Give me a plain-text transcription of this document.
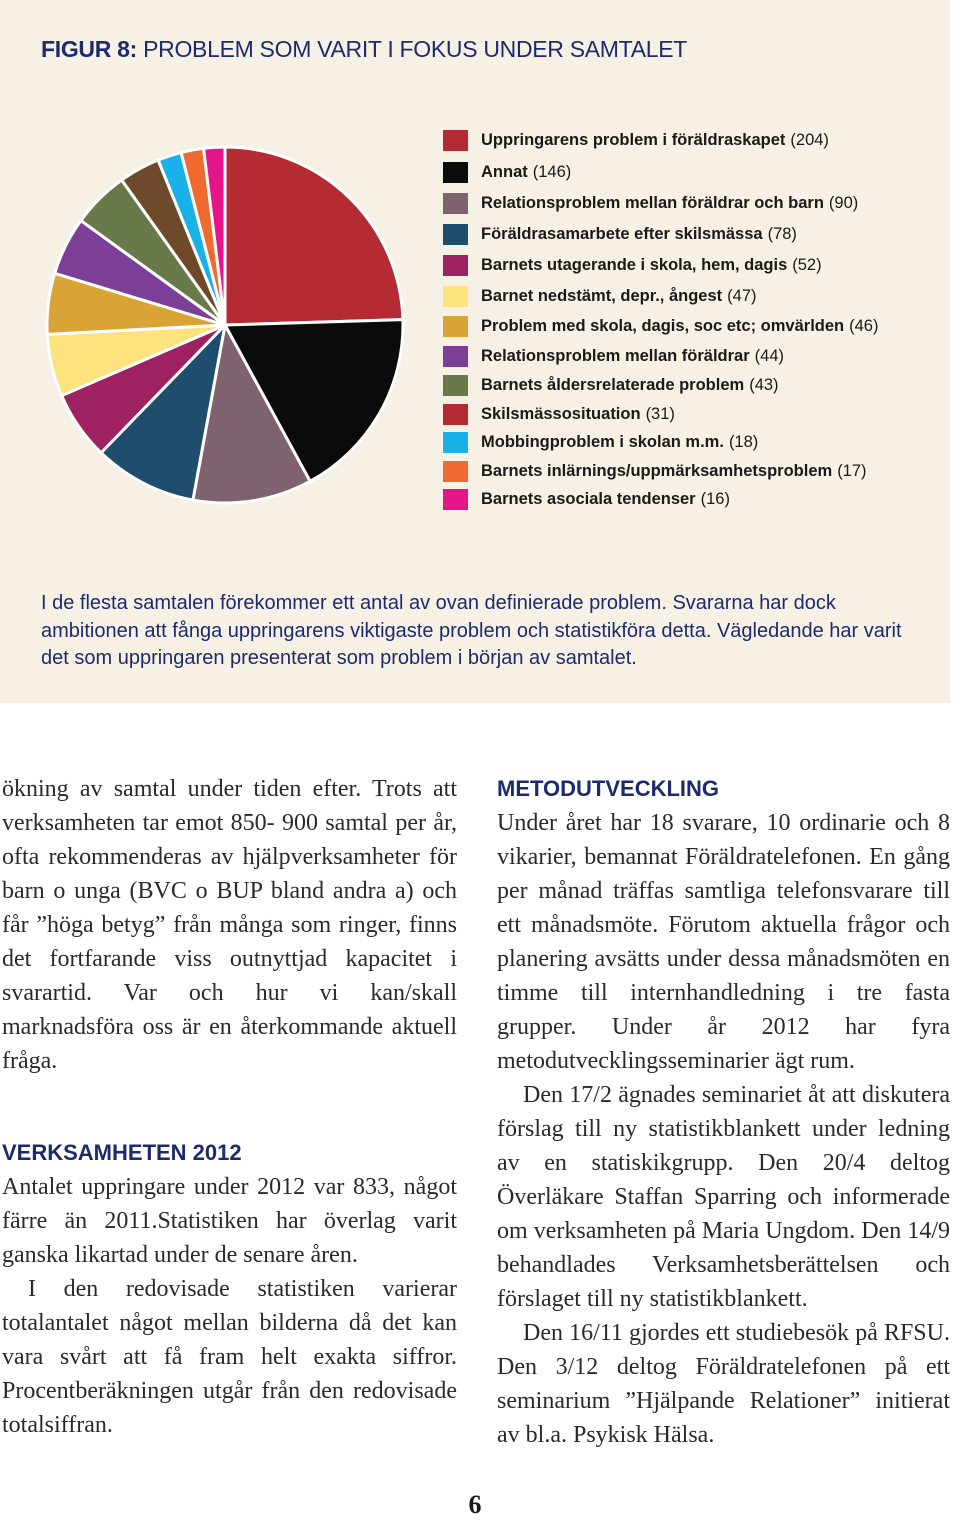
FIGUR 8: PROBLEM SOM VARIT I FOKUS UNDER SAMTALET
Uppringarens problem i föräldraskapet (204)
Annat (146)
Relationsproblem mellan föräldrar och barn (90)
Föräldrasamarbete efter skilsmässa (78)
Barnets utagerande i skola, hem, dagis (52)
Barnet nedstämt, depr., ångest (47)
Problem med skola, dagis, soc etc; omvärlden (46)
Relationsproblem mellan föräldrar (44)
Barnets åldersrelaterade problem (43)
Skilsmässosituation (31)
Mobbingproblem i skolan m.m. (18)
Barnets inlärnings/uppmärksamhetsproblem (17)
Barnets asociala tendenser (16)
I de flesta samtalen förekommer ett antal av ovan definierade problem. Svararna har dock ambitionen att fånga uppringarens viktigaste problem och statistikföra detta. Vägledande har varit det som uppringaren presenterat som problem i början av samtalet.

ökning av samtal under tiden efter. Trots att verksamheten tar emot 850- 900 samtal per år, ofta rekommenderas av hjälpverksamheter för barn o unga (BVC o BUP bland andra a) och får ”höga betyg” från många som ringer, finns det fortfarande viss outnyttjad kapacitet i svarartid. Var och hur vi kan/skall marknadsföra oss är en återkommande aktuell fråga.

VERKSAMHETEN 2012

Antalet uppringare under 2012 var 833, något färre än 2011.Statistiken har överlag varit ganska likartad under de senare åren.

I den redovisade statistiken varierar totalantalet något mellan bilderna då det kan vara svårt att få fram helt exakta siffror. Procentberäkningen utgår från den redovisade totalsiffran.

METODUTVECKLING

Under året har 18 svarare, 10 ordinarie och 8 vikarier, bemannat Föräldratelefonen. En gång per månad träffas samtliga telefonsvarare till ett månadsmöte. Förutom aktuella frågor och planering avsätts under dessa månadsmöten en timme till internhandledning i tre fasta grupper. Under år 2012 har fyra metodutvecklingsseminarier ägt rum.

Den 17/2 ägnades seminariet åt att diskutera förslag till ny statistikblankett under ledning av en statiskikgrupp. Den 20/4 deltog Överläkare Staffan Sparring och informerade om verksamheten på Maria Ungdom. Den 14/9 behandlades Verksamhetsberättelsen och förslaget till ny statistikblankett.

Den 16/11 gjordes ett studiebesök på RFSU. Den 3/12 deltog Föräldratelefonen på ett seminarium ”Hjälpande Relationer” initierat av bl.a. Psykisk Hälsa.

6
